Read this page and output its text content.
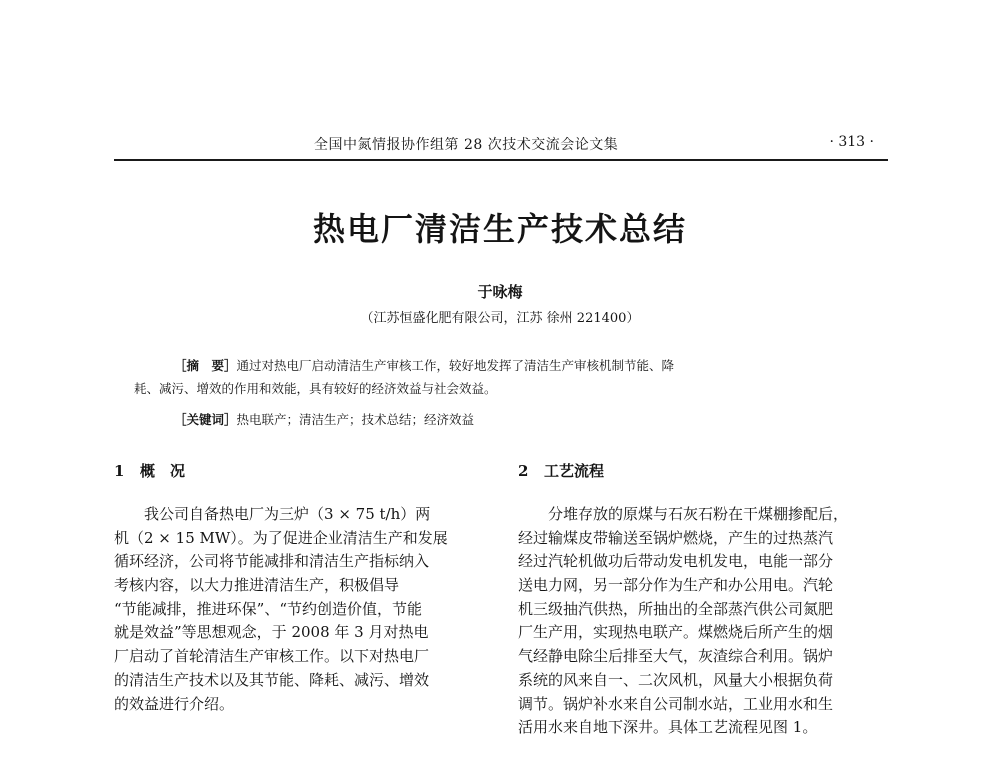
全国中氮情报协作组第 28 次技术交流会论文集	· 313 ·
热电厂清洁生产技术总结
于咏梅
（江苏恒盛化肥有限公司，江苏 徐州 221400）
［摘　要］通过对热电厂启动清洁生产审核工作，较好地发挥了清洁生产审核机制节能、降
耗、减污、增效的作用和效能，具有较好的经济效益与社会效益。
［关键词］热电联产；清洁生产；技术总结；经济效益
1 概　况	2 工艺流程
　　我公司自备热电厂为三炉（3 × 75 t/h）两
机（2 × 15 MW）。为了促进企业清洁生产和发展
循环经济，公司将节能减排和清洁生产指标纳入
考核内容，以大力推进清洁生产，积极倡导
“节能减排，推进环保”、“节约创造价值，节能
就是效益”等思想观念，于 2008 年 3 月对热电
厂启动了首轮清洁生产审核工作。以下对热电厂
的清洁生产技术以及其节能、降耗、减污、增效
的效益进行介绍。
　　分堆存放的原煤与石灰石粉在干煤棚掺配后，
经过输煤皮带输送至锅炉燃烧，产生的过热蒸汽
经过汽轮机做功后带动发电机发电，电能一部分
送电力网，另一部分作为生产和办公用电。汽轮
机三级抽汽供热，所抽出的全部蒸汽供公司氮肥
厂生产用，实现热电联产。煤燃烧后所产生的烟
气经静电除尘后排至大气，灰渣综合利用。锅炉
系统的风来自一、二次风机，风量大小根据负荷
调节。锅炉补水来自公司制水站，工业用水和生
活用水来自地下深井。具体工艺流程见图 1。
